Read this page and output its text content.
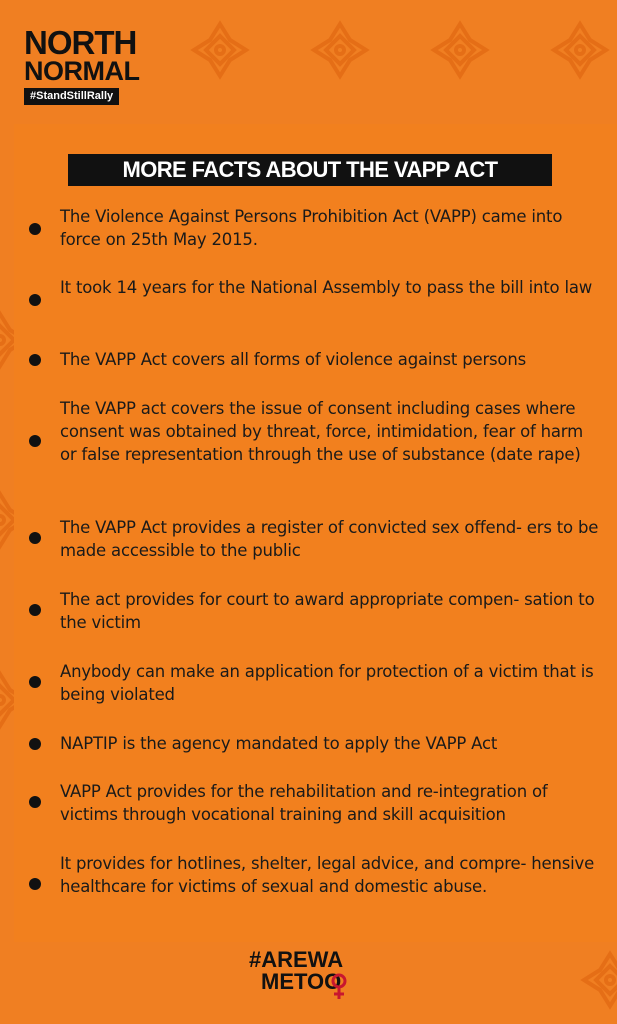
NORTH
NORMAL
#StandStillRally
MORE FACTS ABOUT THE VAPP ACT
The Violence Against Persons Prohibition Act (VAPP) came into force on 25th May 2015.
It took 14 years for the National Assembly to pass the bill into law
The VAPP Act covers all forms of violence against persons
The VAPP act covers the issue of consent including cases where consent was obtained by threat, force, intimidation, fear of harm or false representation through the use of substance (date rape)
The VAPP Act provides a register of convicted sex offend- ers to be made accessible to the public
The act provides for court to award appropriate compen- sation to the victim
Anybody can make an application for protection of a victim that is being violated
NAPTIP is the agency mandated to apply the VAPP Act
VAPP Act provides for the rehabilitation and re-integration of victims through vocational training and skill acquisition
It provides for hotlines, shelter, legal advice, and compre- hensive healthcare for victims of sexual and domestic abuse.
#AREWA
METOO
